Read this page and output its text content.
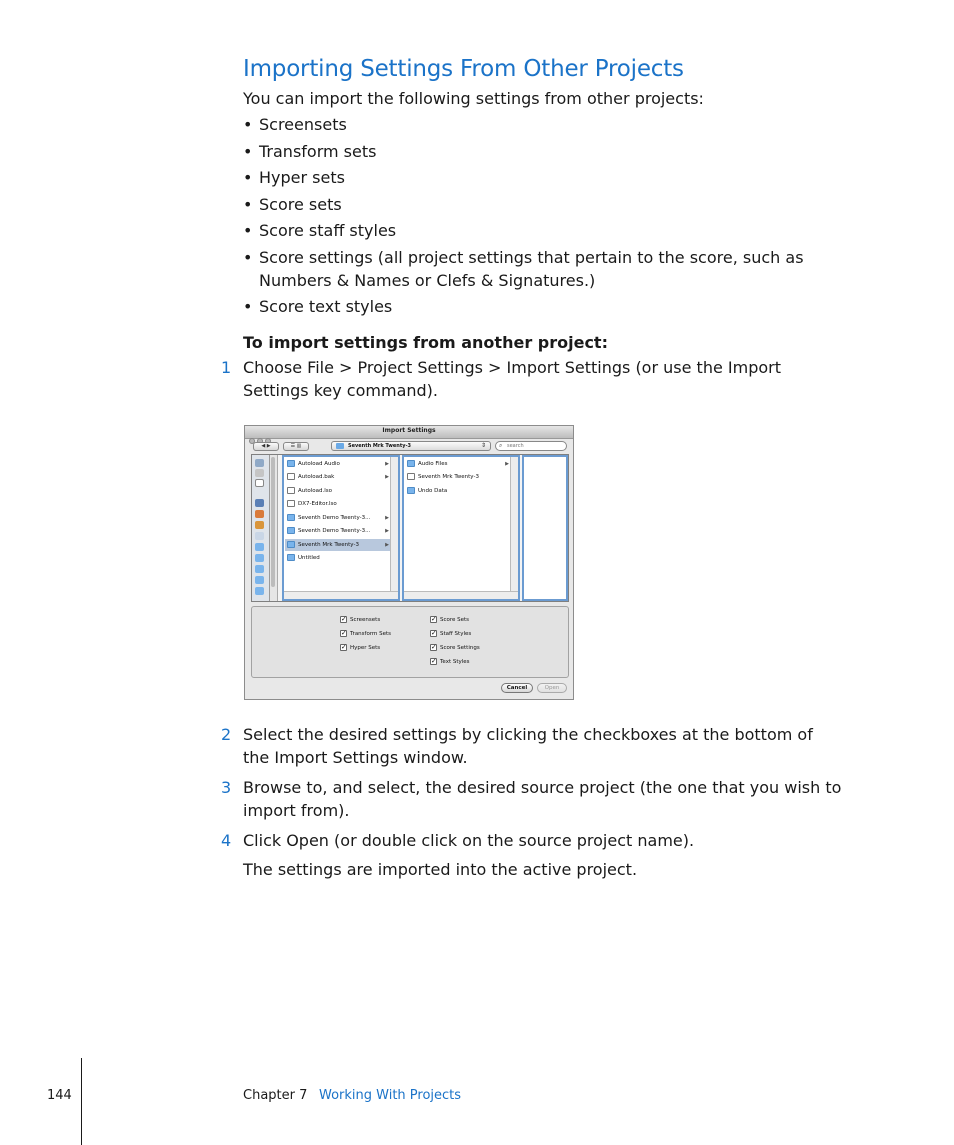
Importing Settings From Other Projects
You can import the following settings from other projects:
• Screensets
• Transform sets
• Hyper sets
• Score sets
• Score staff styles
• Score settings (all project settings that pertain to the score, such as Numbers & Names or Clefs & Signatures.)
• Score text styles
To import settings from another project:
1 Choose File > Project Settings > Import Settings (or use the Import Settings key command).
Import Settings
◀ ▶	☰ ▥	Seventh Mrk Twenty-3	⇕ ⌕ search
Autoload Audio	▶
Autoload.bak	▶
Autoload.lso
DX7-Editor.lso
Seventh Demo Twenty-3...	▶
Seventh Demo Twenty-3...	▶
Seventh Mrk Twenty-3	▶
Untitled
Audio Files	▶
Seventh Mrk Twenty-3
Undo Data
✓
Screensets
✓
Transform Sets
✓
Hyper Sets
✓
Score Sets
✓
Staff Styles
✓
Score Settings
✓
Text Styles
Cancel	Open
2 Select the desired settings by clicking the checkboxes at the bottom of the Import Settings window.
3 Browse to, and select, the desired source project (the one that you wish to import from).
4 Click Open (or double click on the source project name).
The settings are imported into the active project.
144	Chapter 7 Working With Projects
